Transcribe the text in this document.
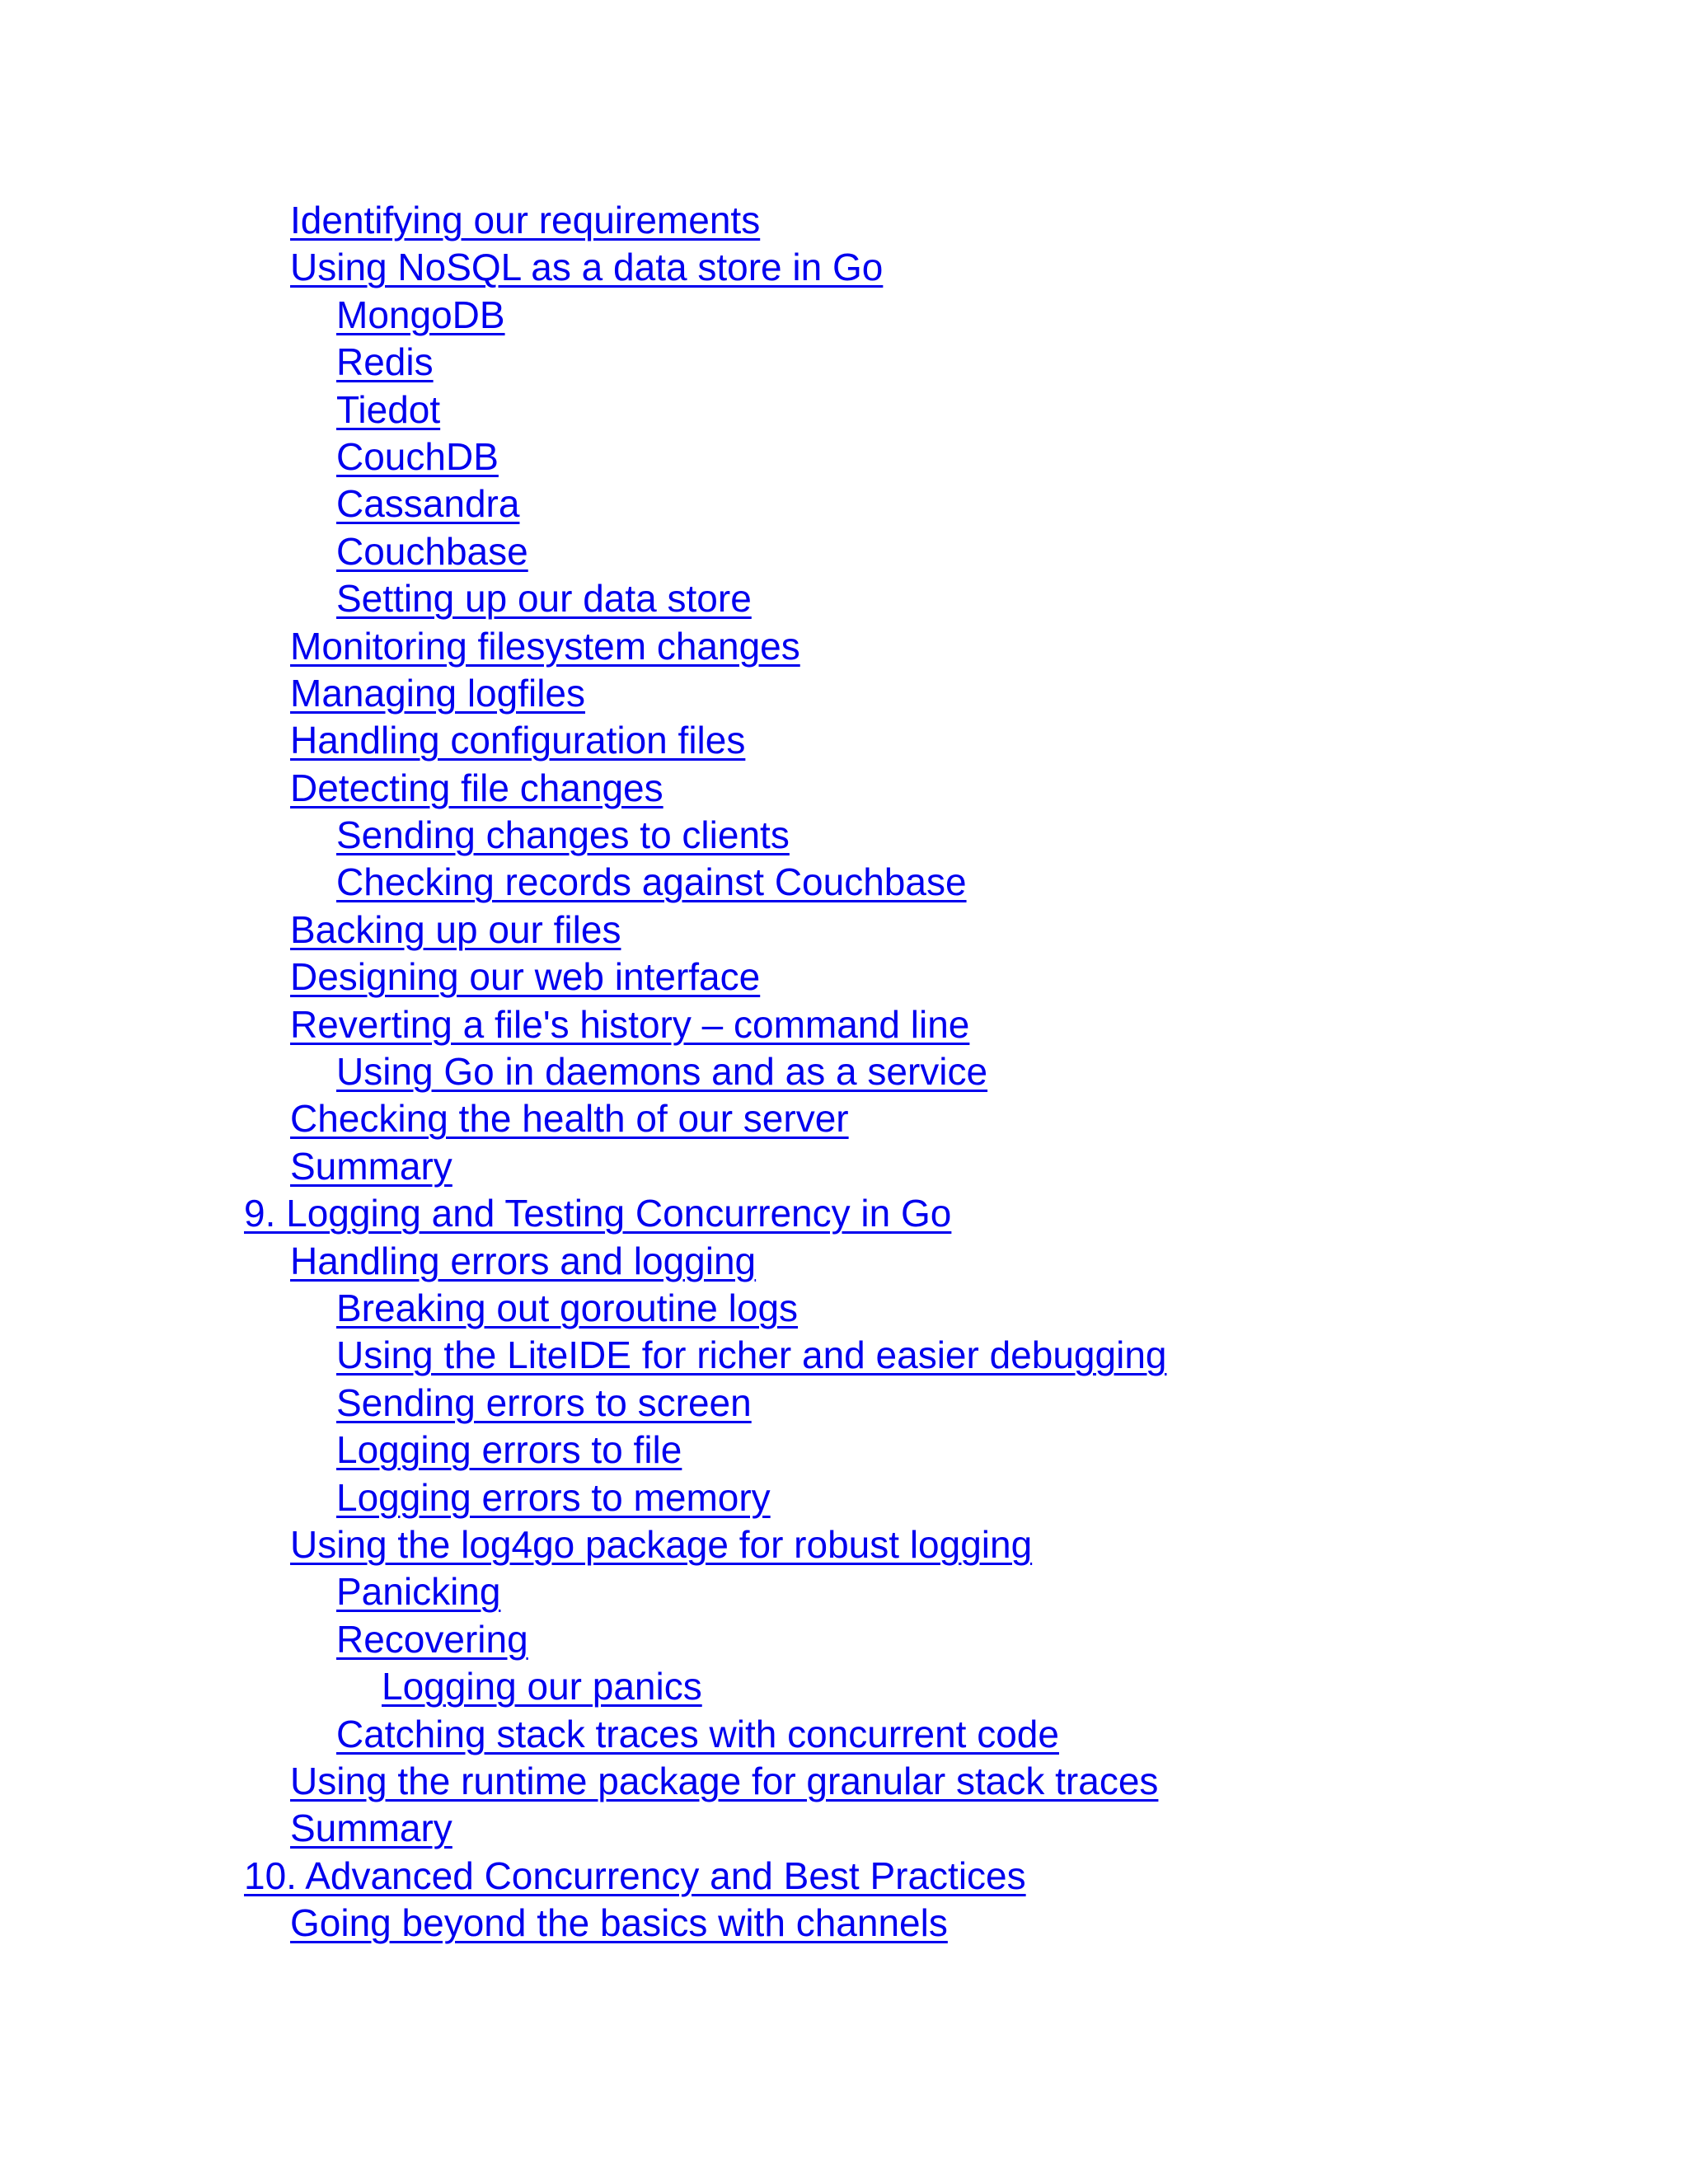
Identifying our requirements
Using NoSQL as a data store in Go
MongoDB
Redis
Tiedot
CouchDB
Cassandra
Couchbase
Setting up our data store
Monitoring filesystem changes
Managing logfiles
Handling configuration files
Detecting file changes
Sending changes to clients
Checking records against Couchbase
Backing up our files
Designing our web interface
Reverting a file's history – command line
Using Go in daemons and as a service
Checking the health of our server
Summary
9. Logging and Testing Concurrency in Go
Handling errors and logging
Breaking out goroutine logs
Using the LiteIDE for richer and easier debugging
Sending errors to screen
Logging errors to file
Logging errors to memory
Using the log4go package for robust logging
Panicking
Recovering
Logging our panics
Catching stack traces with concurrent code
Using the runtime package for granular stack traces
Summary
10. Advanced Concurrency and Best Practices
Going beyond the basics with channels
